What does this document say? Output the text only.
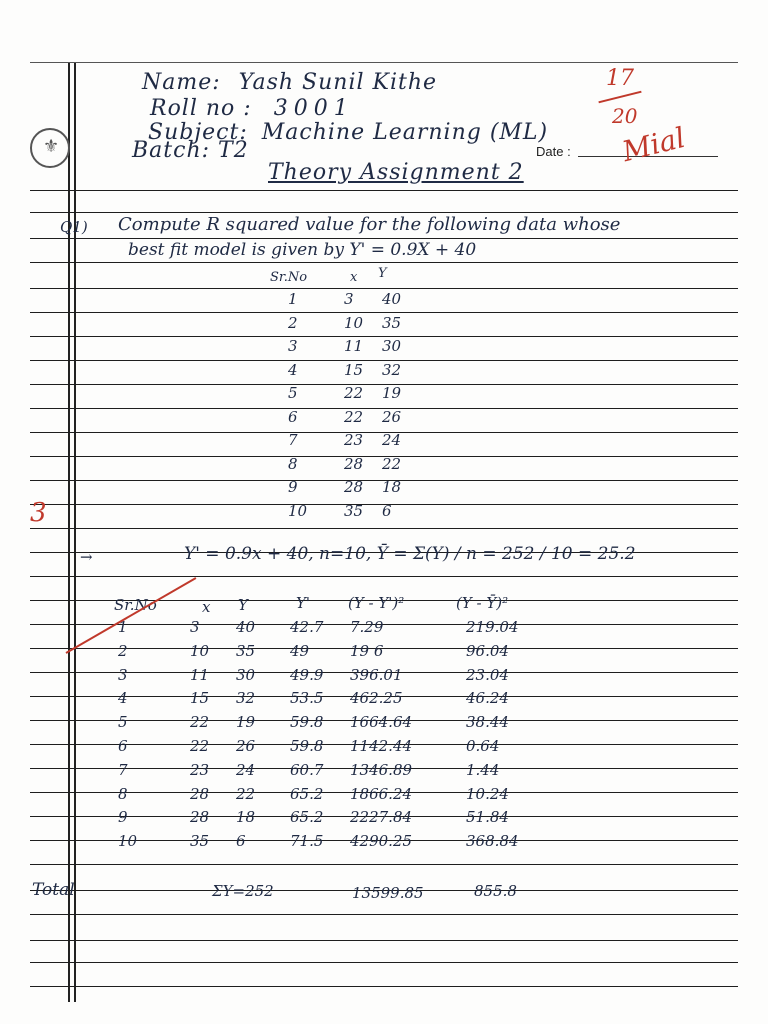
⚜
Name: Yash Sunil Kithe
Roll no : 3001
Subject: Machine Learning (ML)
Batch: T2	Date :
Theory Assignment 2
17
20
Mial
Q1) Compute R squared value for the following data whose
best fit model is given by Y' = 0.9X + 40
Sr.No	x Y
1	3 40
2	10 35
3	11 30
4	15 32
5	22 19
6	22 26
7	23 24
8	28 22
9	28 18
10 35 6
3
→	Y' = 0.9x + 40, n=10, Ȳ = Σ(Y) / n = 252 / 10 = 25.2
Sr.No	x Y	Y'	(Y - Y')²	(Y - Ȳ)²
1	3 40 42.7 7.29	219.04
2	10 35 49	19 6	96.04
3	11 30 49.9 396.01	23.04
4	15 32 53.5 462.25	46.24
5	22 19 59.8 1664.64	38.44
6	22 26 59.8 1142.44	0.64
7	23 24 60.7 1346.89	1.44
8	28 22 65.2 1866.24	10.24
9	28 18 65.2 2227.84	51.84
10	35 6	71.5 4290.25	368.84
Total	ΣY=252	13599.85	855.8
